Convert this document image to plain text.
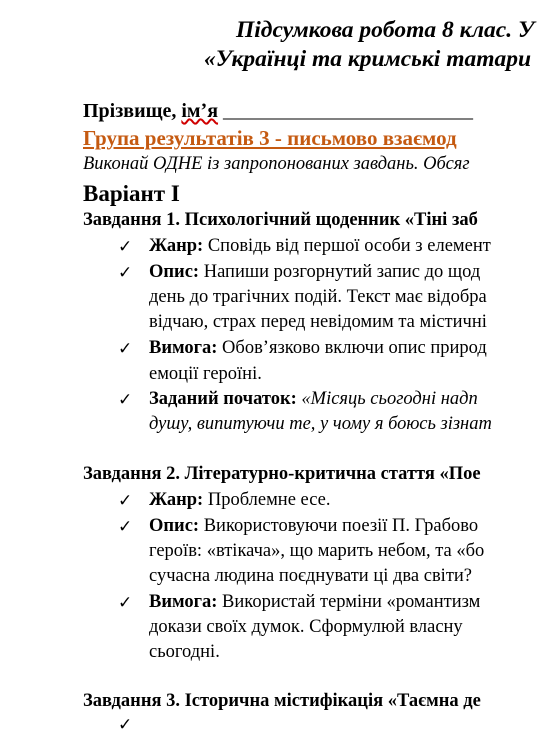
Підсумкова робота 8 клас. У
«Українці та кримські татари
Прізвище, імʼя _________________________
Група результатів 3 - письмово взаємод
Виконай ОДНЕ із запропонованих завдань. Обсяг
Варіант І
Завдання 1. Психологічний щоденник «Тіні заб
✓ Жанр: Сповідь від першої особи з елемент
✓ Опис: Напиши розгорнутий запис до щод
день до трагічних подій. Текст має відобра
відчаю, страх перед невідомим та містичні
✓ Вимога: Обовʼязково включи опис природ
емоції героїні.
✓ Заданий початок: «Місяць сьогодні надп
душу, випитуючи те, у чому я боюсь зізнат
Завдання 2. Літературно-критична стаття «Пое
✓ Жанр: Проблемне есе.
✓ Опис: Використовуючи поезії П. Грабово
героїв: «втікача», що марить небом, та «бо
сучасна людина поєднувати ці два світи?
✓ Вимога: Використай терміни «романтизм
докази своїх думок. Сформулюй власну
сьогодні.
Завдання 3. Історична містифікація «Таємна де
✓
